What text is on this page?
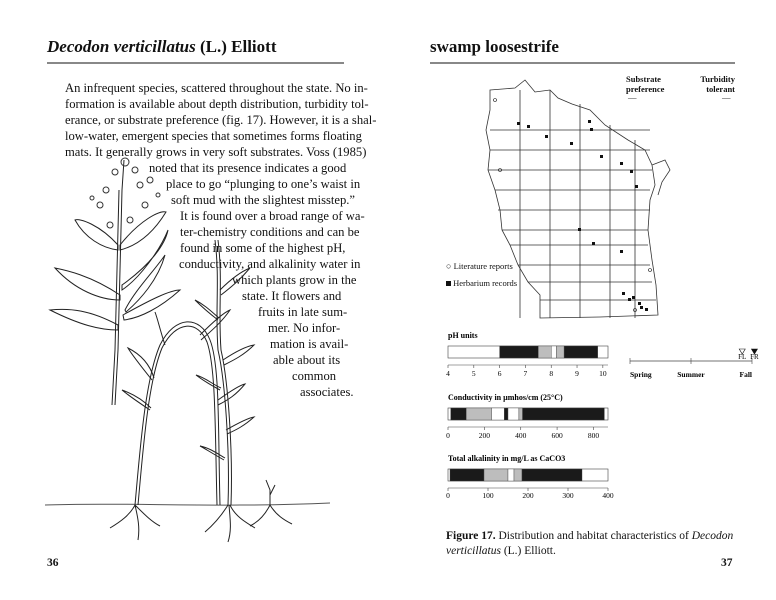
Decodon verticillatus (L.) Elliott
An infrequent species, scattered throughout the state. No in-
formation is available about depth distribution, turbidity tol-
erance, or substrate preference (fig. 17). However, it is a shal-
low-water, emergent species that sometimes forms floating
mats. It generally grows in very soft substrates. Voss (1985)
noted that its presence indicates a good
place to go “plunging to one’s waist in
soft mud with the slightest misstep.”
It is found over a broad range of wa-
ter-chemistry conditions and can be
found in some of the highest pH,
conductivity, and alkalinity water in
which plants grow in the
state. It flowers and
fruits in late sum-
mer. No infor-
mation is avail-
able about its
common
associates.
36
swamp loosestrife
Substrate preference
Turbidity tolerant
—	—
○ Literature reports
Herbarium records
pH units
4	5	6	7	8	9	10
Conductivity in µmhos/cm (25°C)
0	200	400	600	800
Total alkalinity in mg/L as CaCO3
0	100	200	300	400
Spring	Summer	Fall
FL FR
Figure 17. Distribution and habitat characteristics of Decodon verticillatus (L.) Elliott.
37
